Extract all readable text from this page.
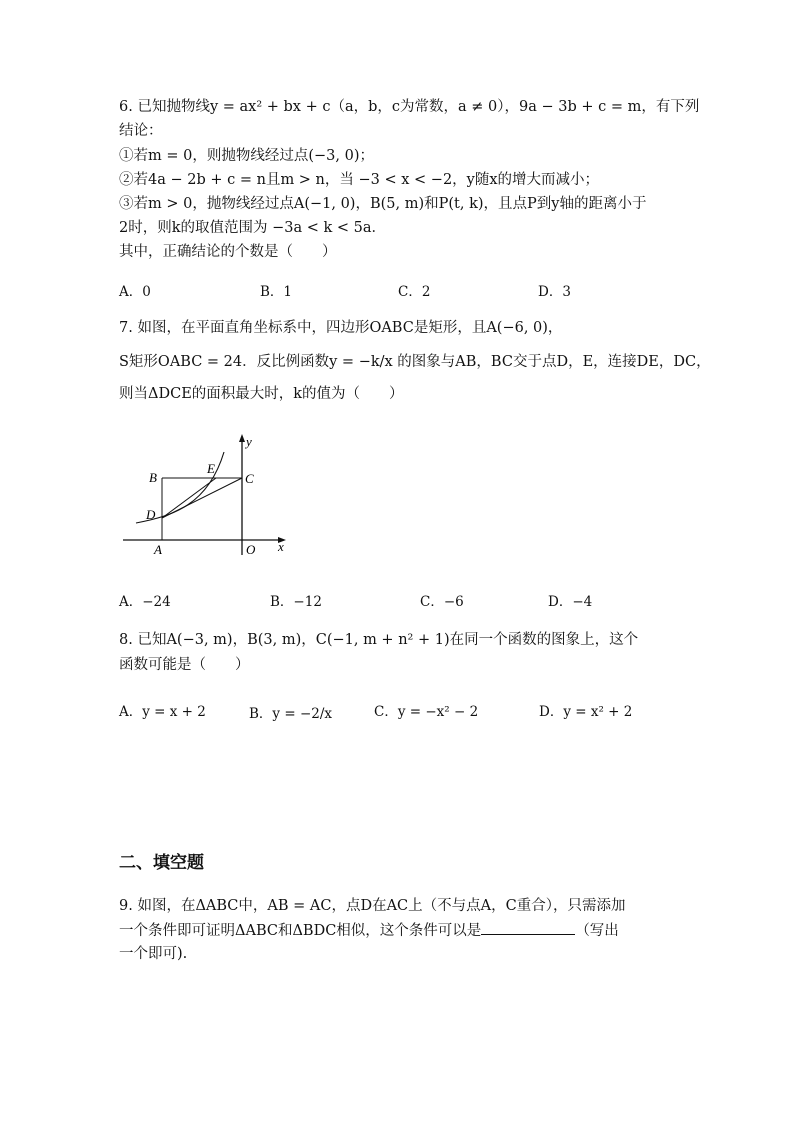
6. 已知抛物线y = ax² + bx + c（a，b，c为常数，a ≠ 0），9a − 3b + c = m，有下列
结论：
①若m = 0，则抛物线经过点(−3, 0)；
②若4a − 2b + c = n且m > n，当 −3 < x < −2，y随x的增大而减小；
③若m > 0，抛物线经过点A(−1, 0)，B(5, m)和P(t, k)，且点P到y轴的距离小于
2时，则k的取值范围为 −3a < k < 5a．
其中，正确结论的个数是（　　）
A．0	B．1	C．2	D．3
7. 如图，在平面直角坐标系中，四边形OABC是矩形，且A(−6, 0)，
S矩形OABC = 24．反比例函数y = −k/x 的图象与AB，BC交于点D，E，连接DE，DC，
则当ΔDCE的面积最大时，k的值为（　　）
y
x
B
E
C
D
A	O
A．−24	B．−12	C．−6	D．−4
8. 已知A(−3, m)，B(3, m)，C(−1, m + n² + 1)在同一个函数的图象上，这个
函数可能是（　　）
A．y = x + 2	B．y = −2/x	C．y = −x² − 2	D．y = x² + 2
二、填空题
9. 如图，在ΔABC中，AB = AC，点D在AC上（不与点A，C重合），只需添加
一个条件即可证明ΔABC和ΔBDC相似，这个条件可以是	（写出
一个即可).
